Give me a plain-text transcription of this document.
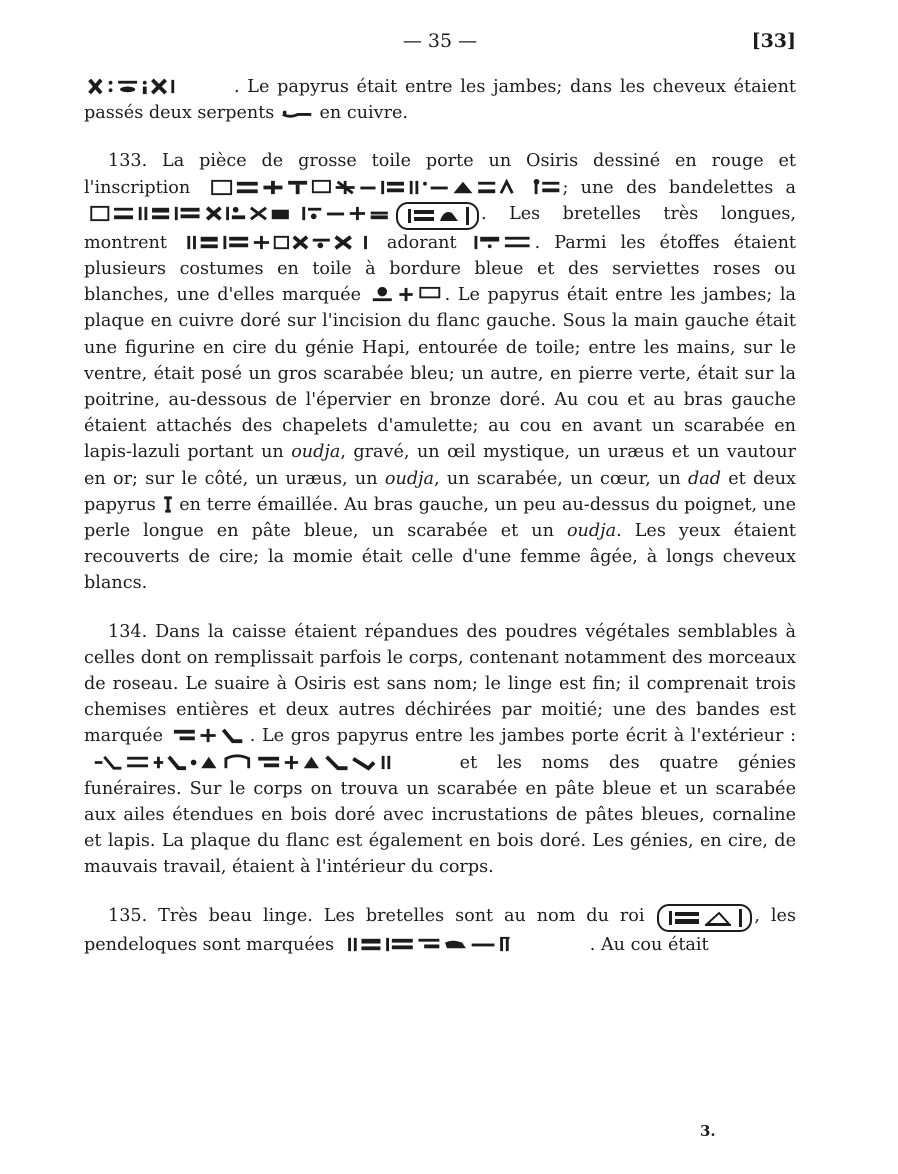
— 35 —	[33]

. Le papyrus était entre les jambes; dans les cheveux étaient passés deux serpents
en cuivre.

133. La pièce de grosse toile porte un Osiris dessiné en rouge et l'inscription	; une des bandelettes a
. Les bretelles très longues, montrent	adorant	. Parmi les étoffes étaient plusieurs costumes en toile à bordure bleue et des serviettes roses ou blanches, une d'elles marquée	. Le papyrus était entre les jambes; la plaque en cuivre doré sur l'incision du flanc gauche. Sous la main gauche était une figurine en cire du génie Hapi, entourée de toile; entre les mains, sur le ventre, était posé un gros scarabée bleu; un autre, en pierre verte, était sur la poitrine, au-dessous de l'épervier en bronze doré. Au cou et au bras gauche étaient attachés des chapelets d'amulette; au cou en avant un scarabée en lapis-lazuli portant un oudja, gravé, un œil mystique, un uræus et un vautour en or; sur le côté, un uræus, un oudja, un scarabée, un cœur, un dad et deux papyrus
en terre émaillée. Au bras gauche, un peu au-dessus du poignet, une perle longue en pâte bleue, un scarabée et un oudja. Les yeux étaient recouverts de cire; la momie était celle d'une femme âgée, à longs cheveux blancs.

134. Dans la caisse étaient répandues des poudres végétales semblables à celles dont on remplissait parfois le corps, contenant notamment des morceaux de roseau. Le suaire à Osiris est sans nom; le linge est fin; il comprenait trois chemises entières et deux autres déchirées par moitié; une des bandes est marquée	. Le gros papyrus entre les jambes porte écrit à l'extérieur :
et les noms des quatre génies funéraires. Sur le corps on trouva un scarabée en pâte bleue et un scarabée aux ailes étendues en bois doré avec incrustations de pâtes bleues, cornaline et lapis. La plaque du flanc est également en bois doré. Les génies, en cire, de mauvais travail, étaient à l'intérieur du corps.

135. Très beau linge. Les bretelles sont au nom du roi	, les pendeloques sont marquées	. Au cou était

3.
